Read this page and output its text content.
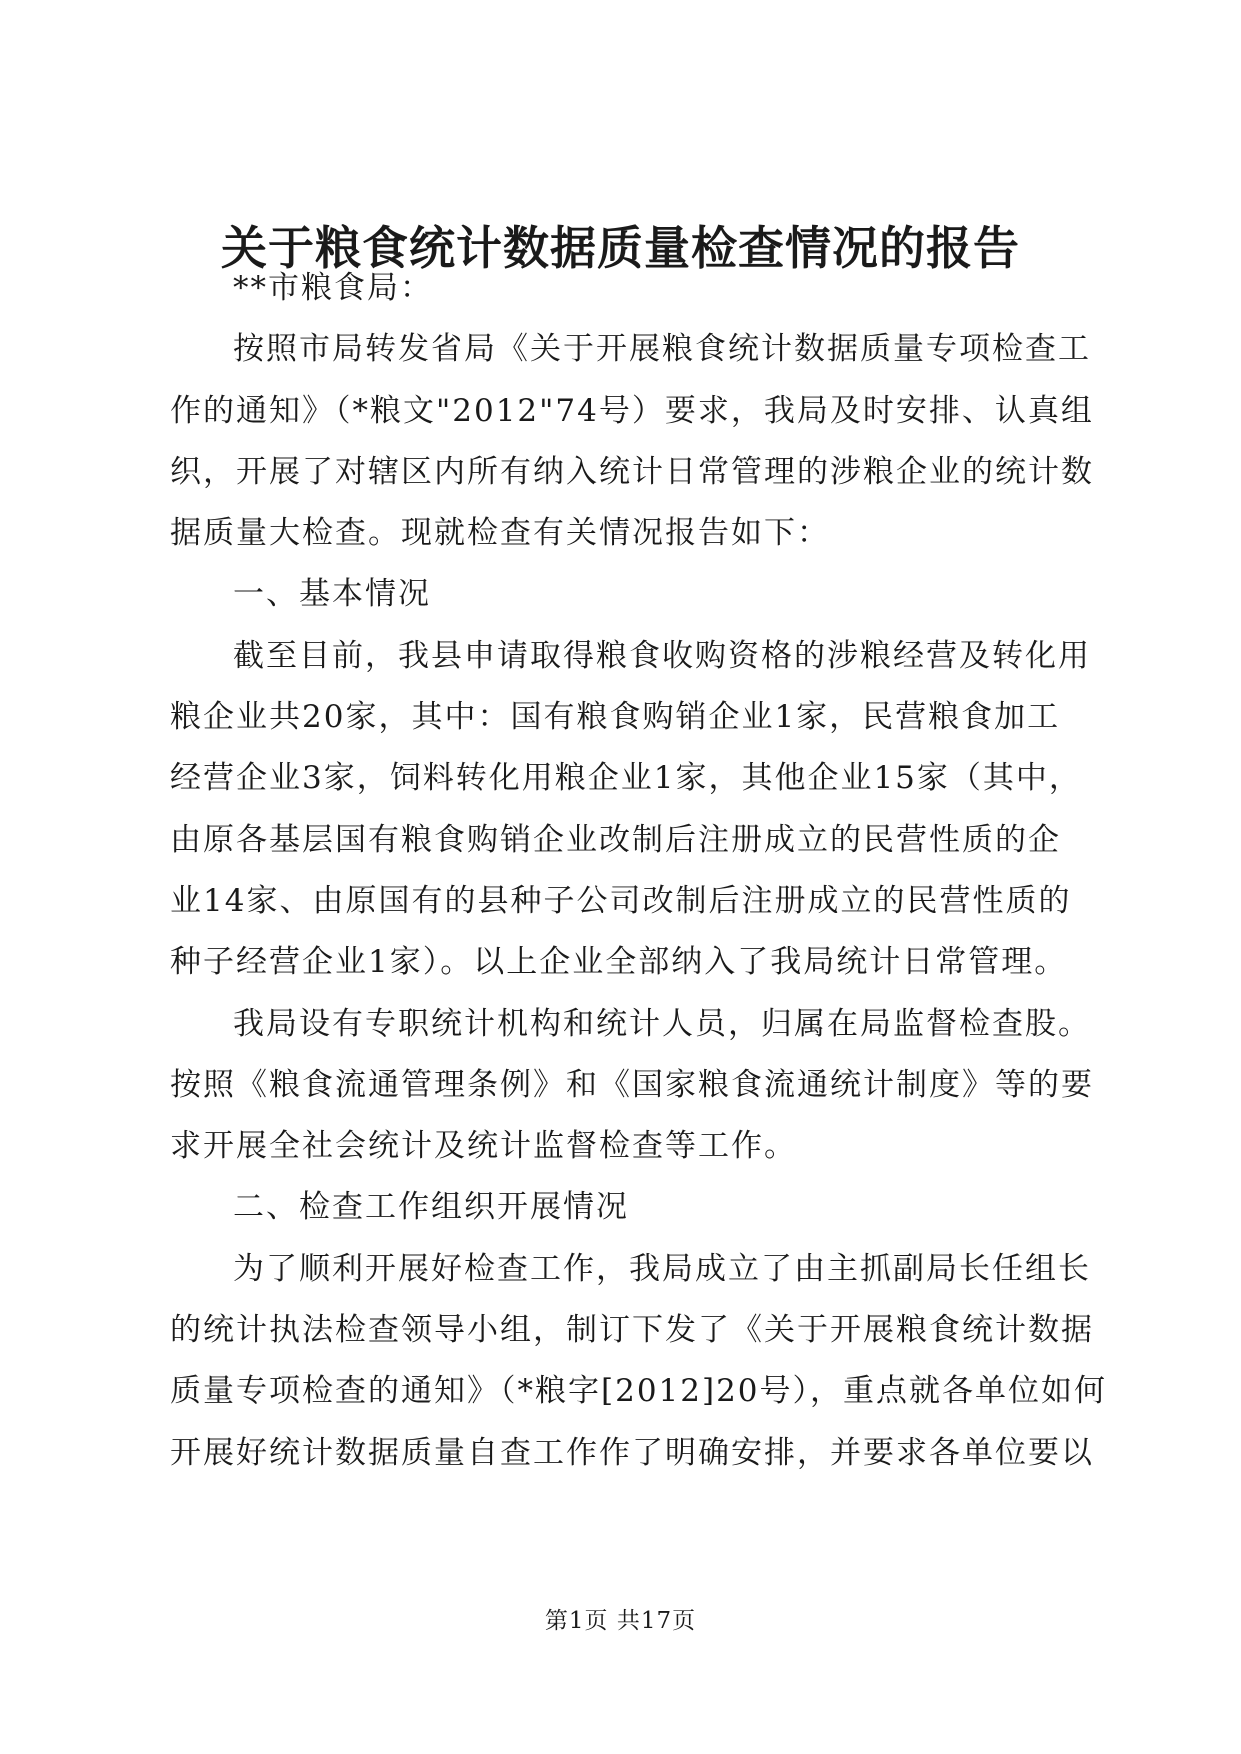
关于粮食统计数据质量检查情况的报告
**市粮食局：
按照市局转发省局《关于开展粮食统计数据质量专项检查工
作的通知》（*粮文"2012"74号）要求，我局及时安排、认真组
织，开展了对辖区内所有纳入统计日常管理的涉粮企业的统计数
据质量大检查。现就检查有关情况报告如下：
一、基本情况
截至目前，我县申请取得粮食收购资格的涉粮经营及转化用
粮企业共20家，其中：国有粮食购销企业1家，民营粮食加工
经营企业3家，饲料转化用粮企业1家，其他企业15家（其中，
由原各基层国有粮食购销企业改制后注册成立的民营性质的企
业14家、由原国有的县种子公司改制后注册成立的民营性质的
种子经营企业1家）。以上企业全部纳入了我局统计日常管理。
我局设有专职统计机构和统计人员，归属在局监督检查股。
按照《粮食流通管理条例》和《国家粮食流通统计制度》等的要
求开展全社会统计及统计监督检查等工作。
二、检查工作组织开展情况
为了顺利开展好检查工作，我局成立了由主抓副局长任组长
的统计执法检查领导小组，制订下发了《关于开展粮食统计数据
质量专项检查的通知》（*粮字[2012]20号），重点就各单位如何
开展好统计数据质量自查工作作了明确安排，并要求各单位要以
第1页 共17页
